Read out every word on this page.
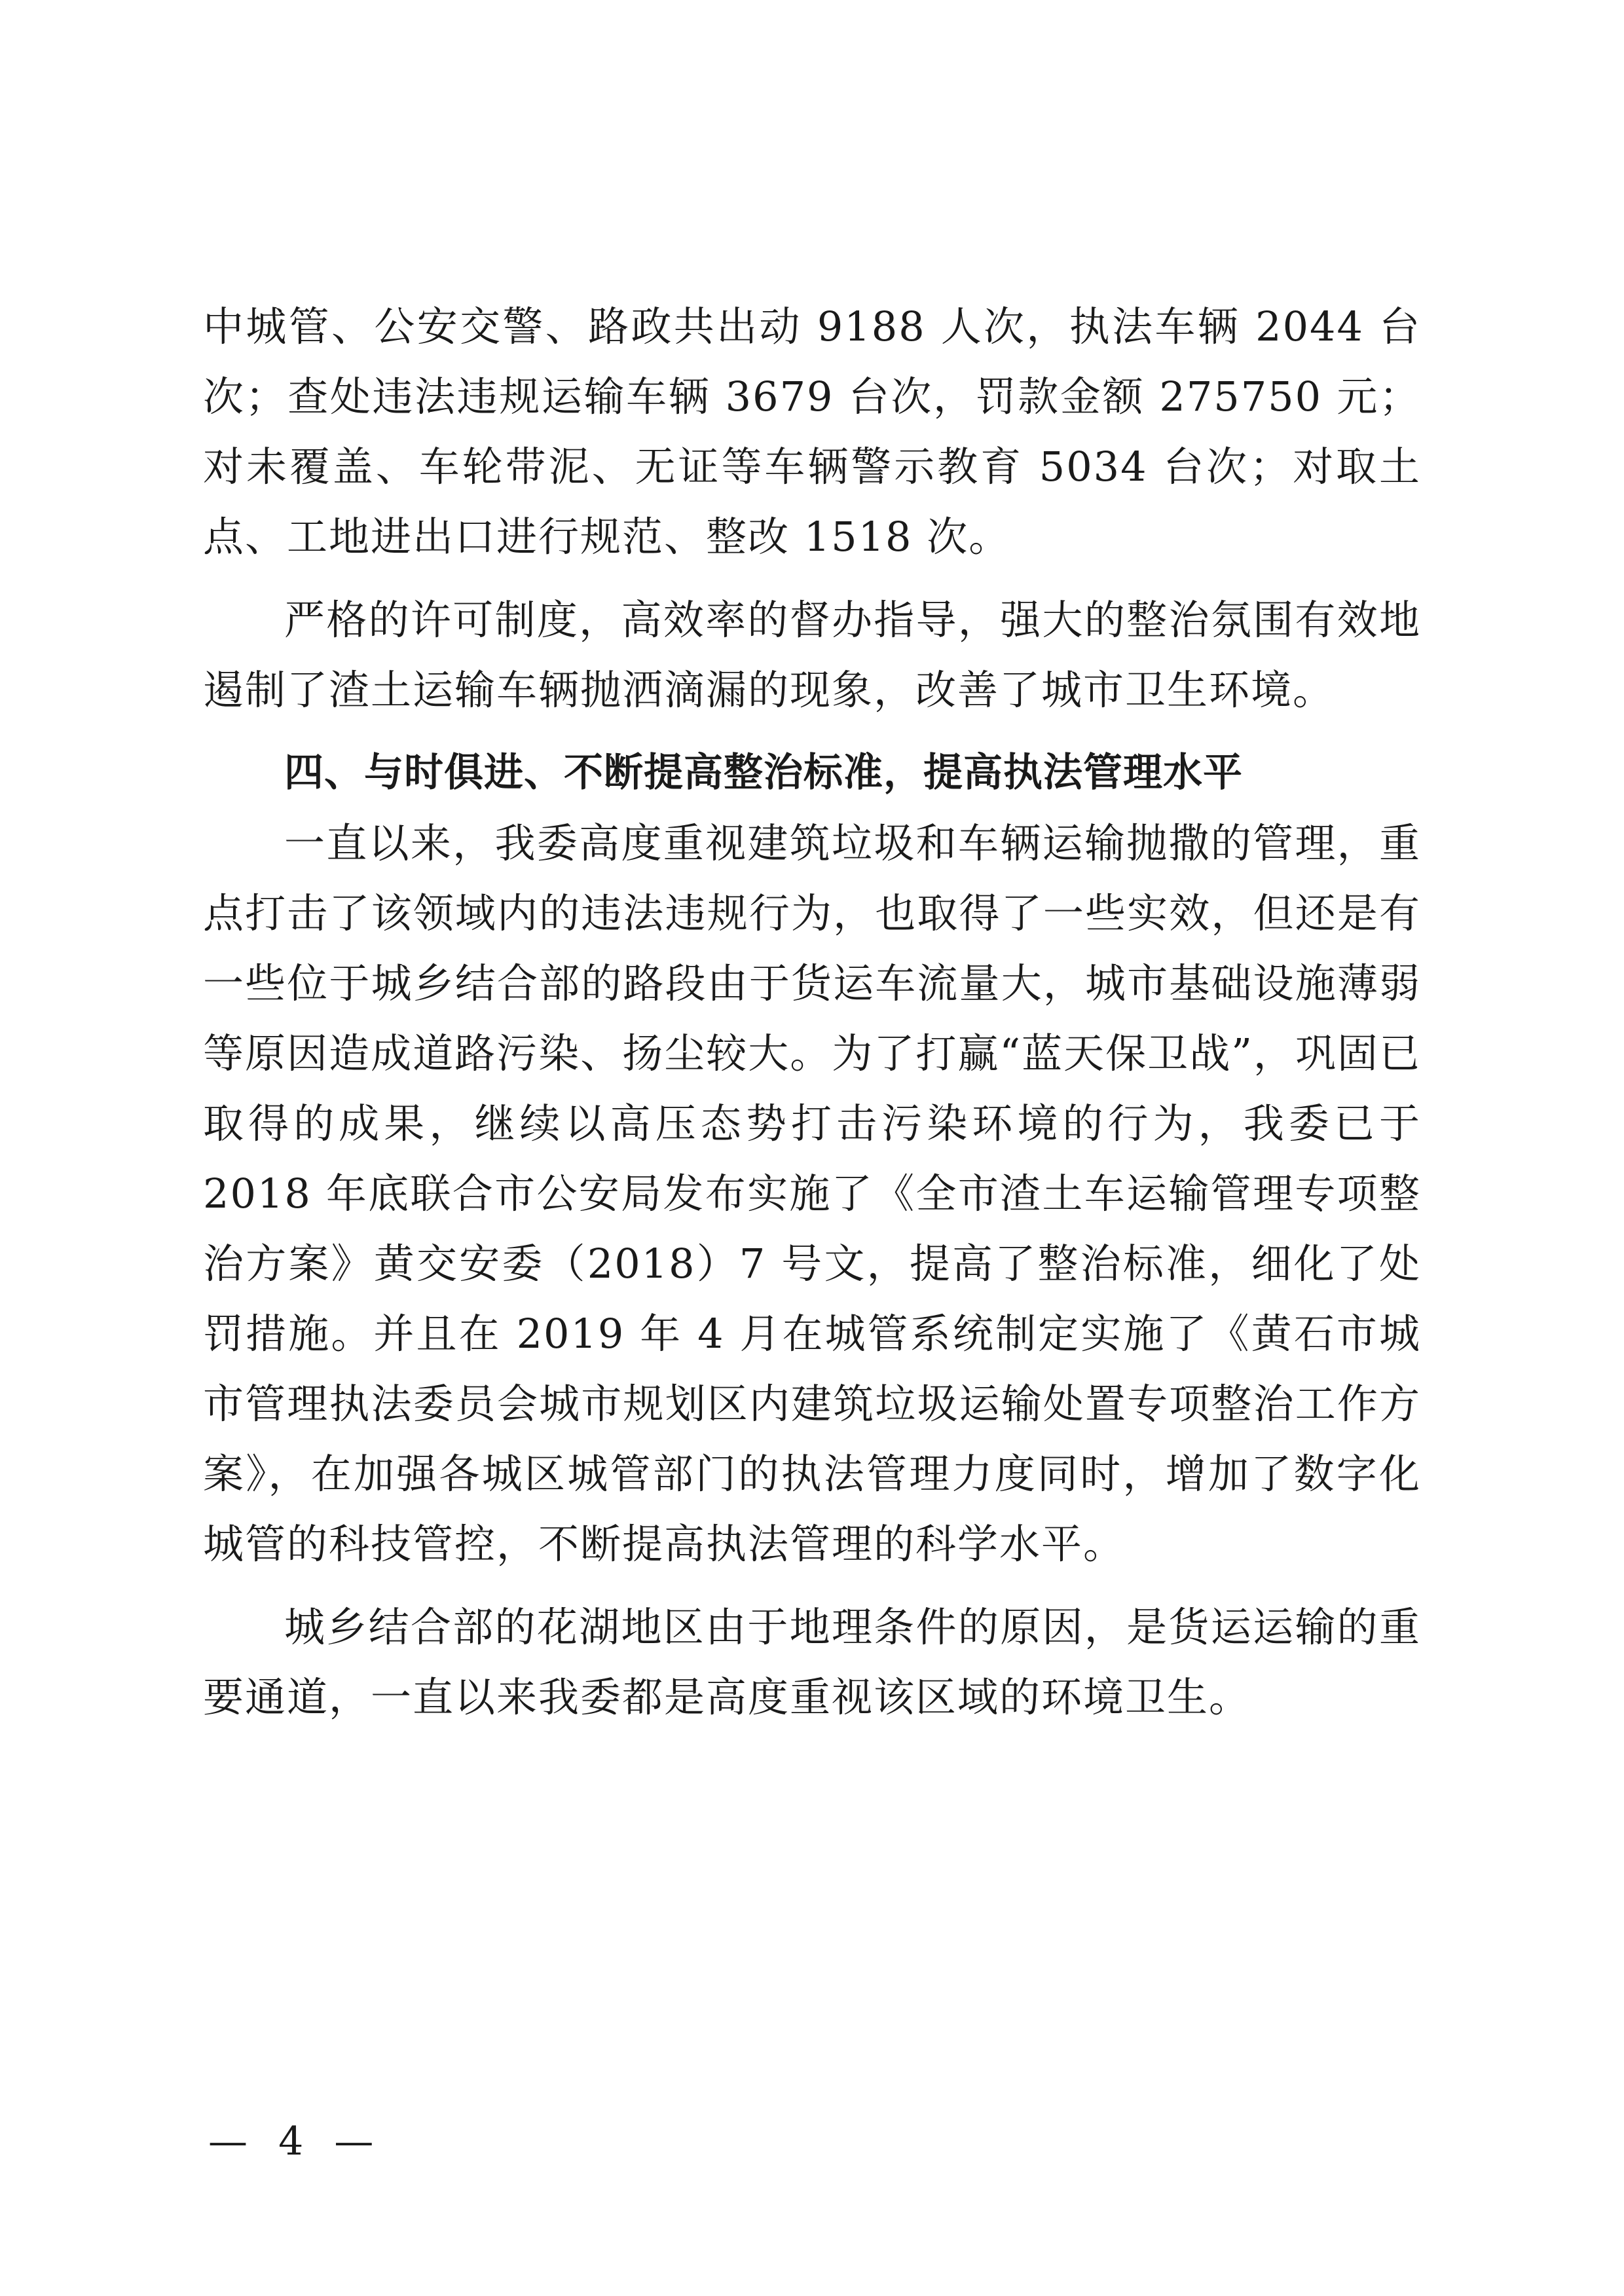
中城管、公安交警、路政共出动 9188 人次，执法车辆 2044 台次；查处违法违规运输车辆 3679 台次，罚款金额 275750 元；对未覆盖、车轮带泥、无证等车辆警示教育 5034 台次；对取土点、工地进出口进行规范、整改 1518 次。

严格的许可制度，高效率的督办指导，强大的整治氛围有效地遏制了渣土运输车辆抛洒滴漏的现象，改善了城市卫生环境。

四、与时俱进、不断提高整治标准，提高执法管理水平

一直以来，我委高度重视建筑垃圾和车辆运输抛撒的管理，重点打击了该领域内的违法违规行为，也取得了一些实效，但还是有一些位于城乡结合部的路段由于货运车流量大，城市基础设施薄弱等原因造成道路污染、扬尘较大。为了打赢“蓝天保卫战”，巩固已取得的成果，继续以高压态势打击污染环境的行为，我委已于 2018 年底联合市公安局发布实施了《全市渣土车运输管理专项整治方案》黄交安委（2018）7 号文，提高了整治标准，细化了处罚措施。并且在 2019 年 4 月在城管系统制定实施了《黄石市城市管理执法委员会城市规划区内建筑垃圾运输处置专项整治工作方案》，在加强各城区城管部门的执法管理力度同时，增加了数字化城管的科技管控，不断提高执法管理的科学水平。

城乡结合部的花湖地区由于地理条件的原因，是货运运输的重要通道，一直以来我委都是高度重视该区域的环境卫生。

— 4 —
